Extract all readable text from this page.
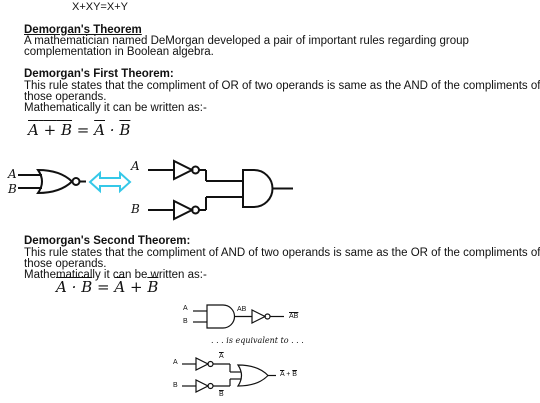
X+XY=X+Y
Demorgan's Theorem
A mathematician named DeMorgan developed a pair of important rules regarding group
complementation in Boolean algebra.
Demorgan's First Theorem:
This rule states that the compliment of OR of two operands is same as the AND of the compliments of
those operands.
Mathematically it can be written as:-
$A + B = \overline{A} \cdot \overline{B}$
A
B
A
B
Demorgan's Second Theorem:
This rule states that the compliment of AND of two operands is same as the OR of the compliments of
those operands.
Mathematically it can be written as:-
$A \cdot B = \overline{A} + \overline{B}$
A
B
AB
$\overline{AB}$
. . . is equivalent to . . .
A
B
$\overline{A}$
$\overline{B}$
$\overline{A} + \overline{B}$
